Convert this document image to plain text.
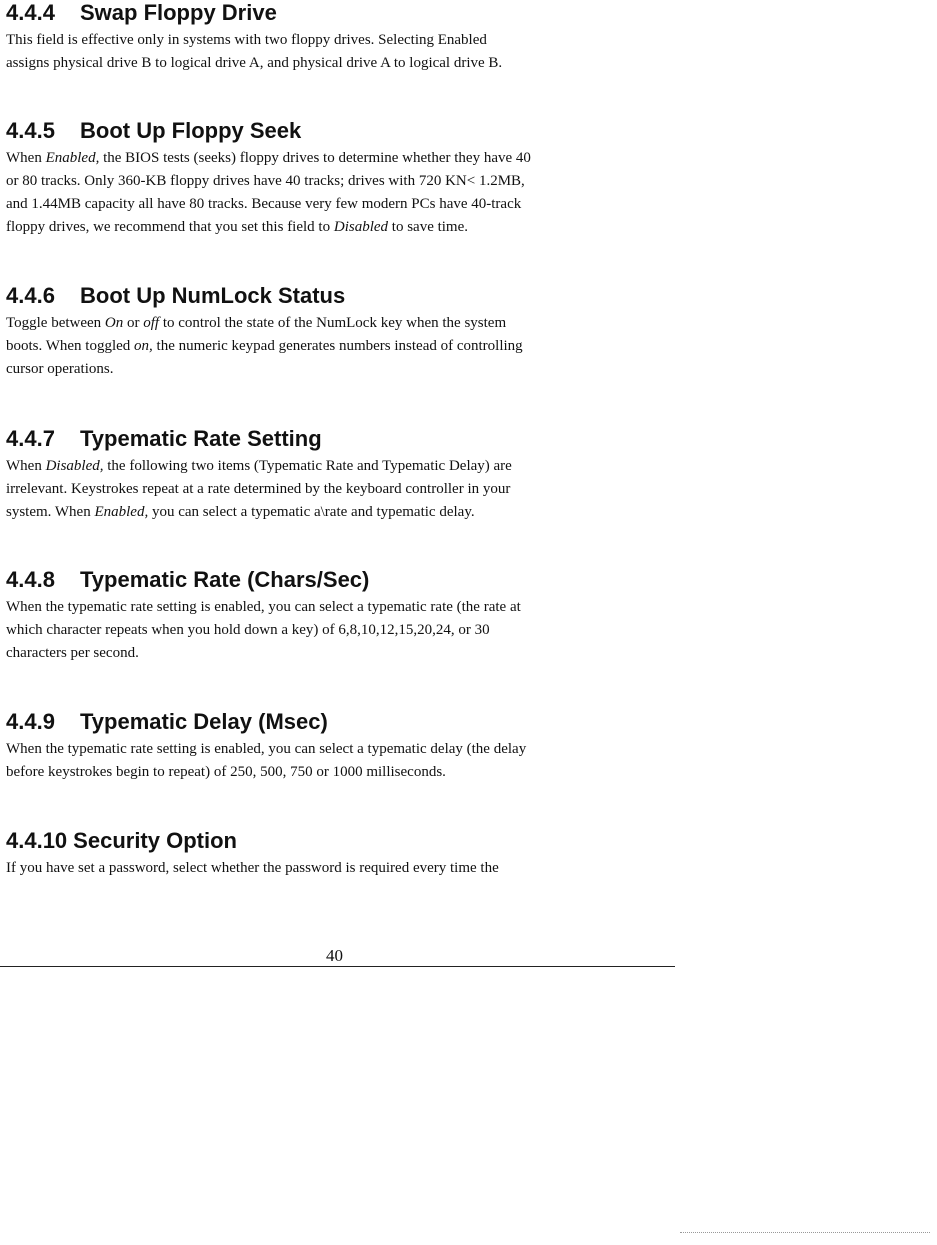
4.4.4 Swap Floppy Drive

This field is effective only in systems with two floppy drives. Selecting Enabled
assigns physical drive B to logical drive A, and physical drive A to logical drive B.

4.4.5 Boot Up Floppy Seek

When Enabled, the BIOS tests (seeks) floppy drives to determine whether they have 40
or 80 tracks. Only 360-KB floppy drives have 40 tracks; drives with 720 KN< 1.2MB,
and 1.44MB capacity all have 80 tracks. Because very few modern PCs have 40-track
floppy drives, we recommend that you set this field to Disabled to save time.

4.4.6 Boot Up NumLock Status

Toggle between On or off to control the state of the NumLock key when the system
boots. When toggled on, the numeric keypad generates numbers instead of controlling
cursor operations.

4.4.7 Typematic Rate Setting

When Disabled, the following two items (Typematic Rate and Typematic Delay) are
irrelevant. Keystrokes repeat at a rate determined by the keyboard controller in your
system. When Enabled, you can select a typematic a\rate and typematic delay.

4.4.8 Typematic Rate (Chars/Sec)

When the typematic rate setting is enabled, you can select a typematic rate (the rate at
which character repeats when you hold down a key) of 6,8,10,12,15,20,24, or 30
characters per second.

4.4.9 Typematic Delay (Msec)

When the typematic rate setting is enabled, you can select a typematic delay (the delay
before keystrokes begin to repeat) of 250, 500, 750 or 1000 milliseconds.

4.4.10 Security Option

If you have set a password, select whether the password is required every time the

40
